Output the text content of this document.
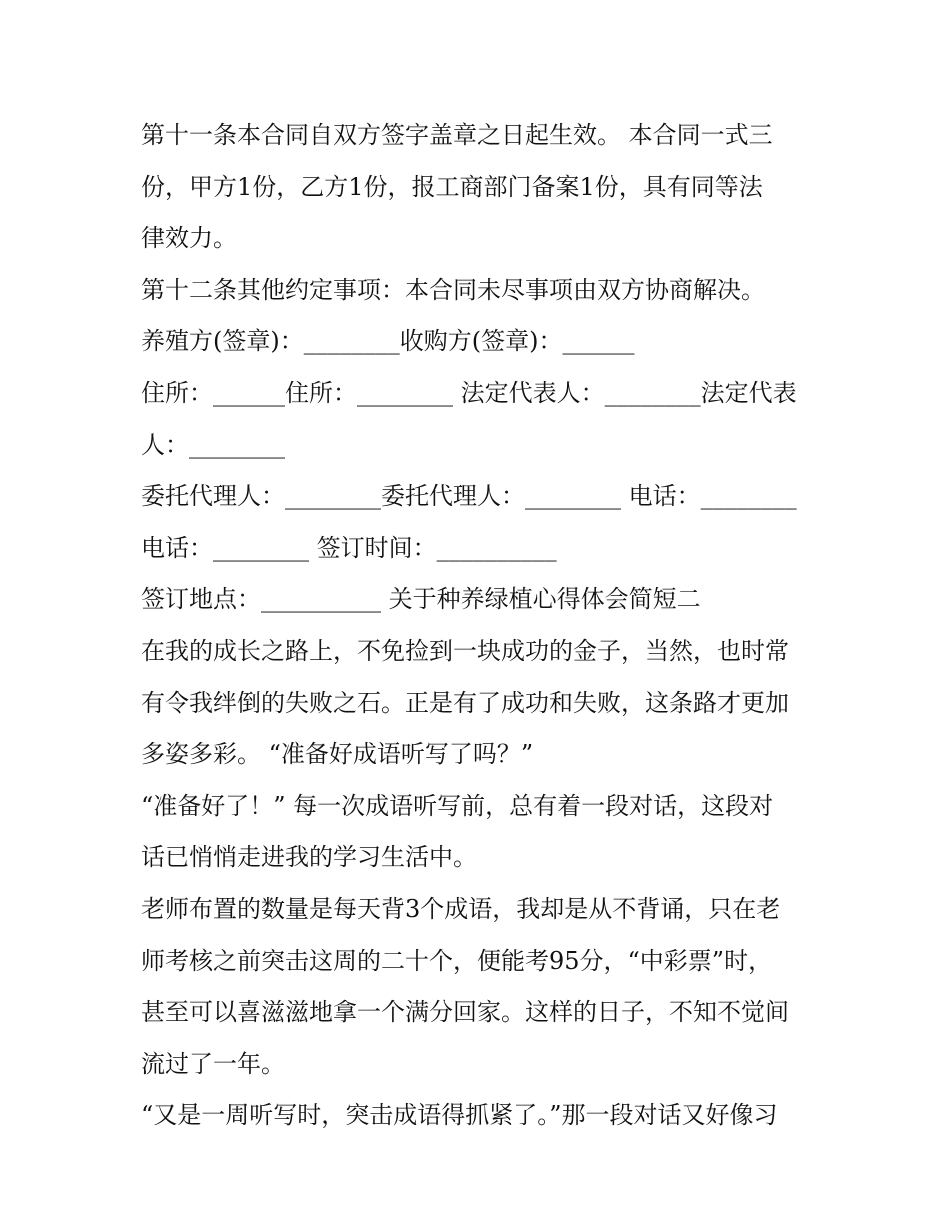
第十一条本合同自双方签字盖章之日起生效。 本合同一式三
份，甲方1份，乙方1份，报工商部门备案1份，具有同等法
律效力。
第十二条其他约定事项：本合同未尽事项由双方协商解决。
养殖方(签章)：________收购方(签章)：______
住所：______住所：________ 法定代表人：________法定代表
人：________
委托代理人：________委托代理人：________ 电话：________
电话：________ 签订时间：__________
签订地点：__________ 关于种养绿植心得体会简短二
在我的成长之路上，不免捡到一块成功的金子，当然，也时常
有令我绊倒的失败之石。正是有了成功和失败，这条路才更加
多姿多彩。 “准备好成语听写了吗？”
“准备好了！” 每一次成语听写前，总有着一段对话，这段对
话已悄悄走进我的学习生活中。
老师布置的数量是每天背3个成语，我却是从不背诵，只在老
师考核之前突击这周的二十个，便能考95分，“中彩票”时，
甚至可以喜滋滋地拿一个满分回家。这样的日子，不知不觉间
流过了一年。
“又是一周听写时，突击成语得抓紧了。”那一段对话又好像习
